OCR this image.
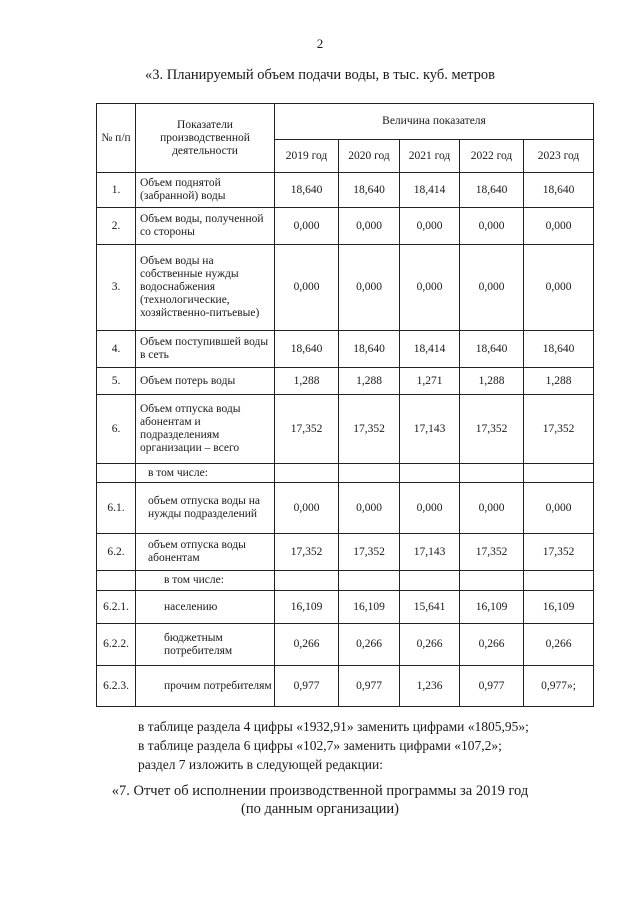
2
«3. Планируемый объем подачи воды, в тыс. куб. метров
№ п/п	Показатели производственной деятельности	Величина показателя				
		2019 год	2020 год	2021 год	2022 год	2023 год
1.	Объем поднятой (забранной) воды	18,640	18,640	18,414	18,640	18,640
2.	Объем воды, полученной со стороны	0,000	0,000	0,000	0,000	0,000
3.	Объем воды на собственные нужды водоснабжения (технологические, хозяйственно-питьевые)	0,000	0,000	0,000	0,000	0,000
4.	Объем поступившей воды в сеть	18,640	18,640	18,414	18,640	18,640
5.	Объем потерь воды	1,288	1,288	1,271	1,288	1,288
6.	Объем отпуска воды абонентам и подразделениям организации – всего	17,352	17,352	17,143	17,352	17,352
	в том числе:					
6.1.	объем отпуска воды на нужды подразделений	0,000	0,000	0,000	0,000	0,000
6.2.	объем отпуска воды абонентам	17,352	17,352	17,143	17,352	17,352
	в том числе:					
6.2.1.	населению	16,109	16,109	15,641	16,109	16,109
6.2.2.	бюджетным потребителям	0,266	0,266	0,266	0,266	0,266
6.2.3.	прочим потребителям	0,977	0,977	1,236	0,977	0,977»;
в таблице раздела 4 цифры «1932,91» заменить цифрами «1805,95»;
в таблице раздела 6 цифры «102,7» заменить цифрами «107,2»;
раздел 7 изложить в следующей редакции:
«7. Отчет об исполнении производственной программы за 2019 год
(по данным организации)
